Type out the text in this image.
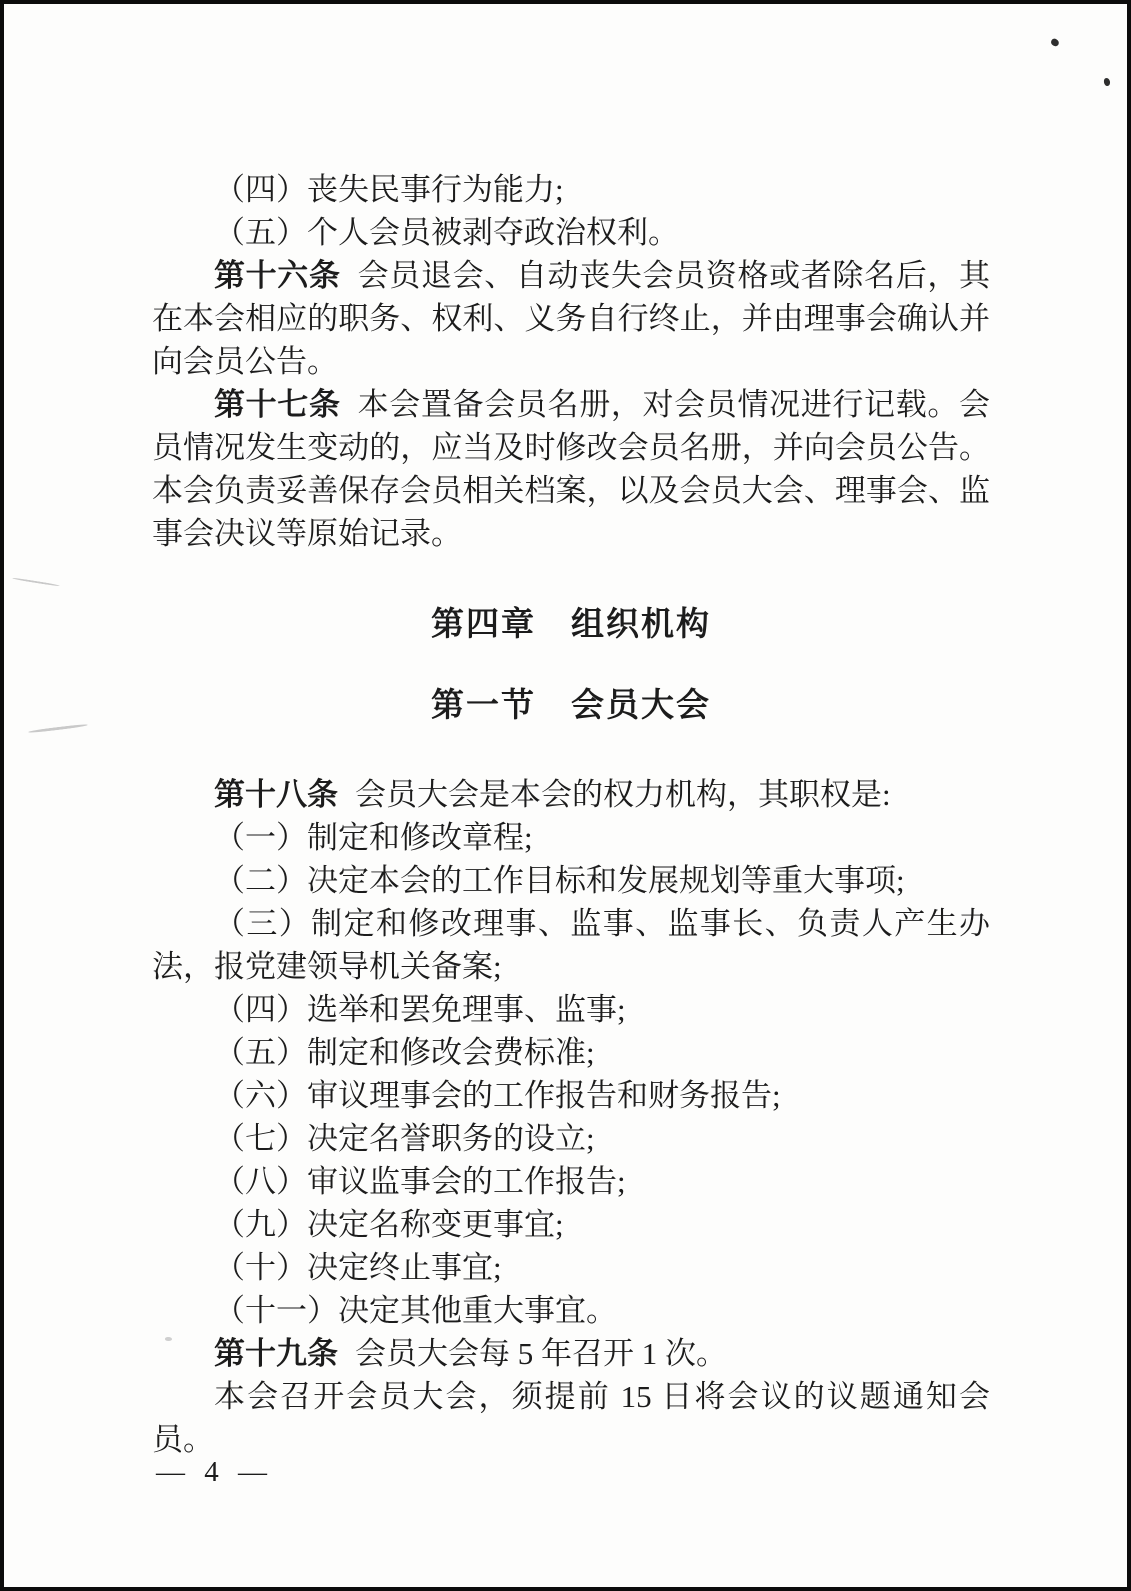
（四）丧失民事行为能力;

（五）个人会员被剥夺政治权利。

第十六条 会员退会、自动丧失会员资格或者除名后，其在本会相应的职务、权利、义务自行终止，并由理事会确认并向会员公告。

第十七条 本会置备会员名册，对会员情况进行记载。会员情况发生变动的，应当及时修改会员名册，并向会员公告。本会负责妥善保存会员相关档案，以及会员大会、理事会、监事会决议等原始记录。

第四章　组织机构
第一节　会员大会

第十八条 会员大会是本会的权力机构，其职权是:

（一）制定和修改章程;

（二）决定本会的工作目标和发展规划等重大事项;

（三）制定和修改理事、监事、监事长、负责人产生办法，报党建领导机关备案;

（四）选举和罢免理事、监事;

（五）制定和修改会费标准;

（六）审议理事会的工作报告和财务报告;

（七）决定名誉职务的设立;

（八）审议监事会的工作报告;

（九）决定名称变更事宜;

（十）决定终止事宜;

（十一）决定其他重大事宜。

第十九条 会员大会每 5 年召开 1 次。

本会召开会员大会，须提前 15 日将会议的议题通知会员。

— 4 —
